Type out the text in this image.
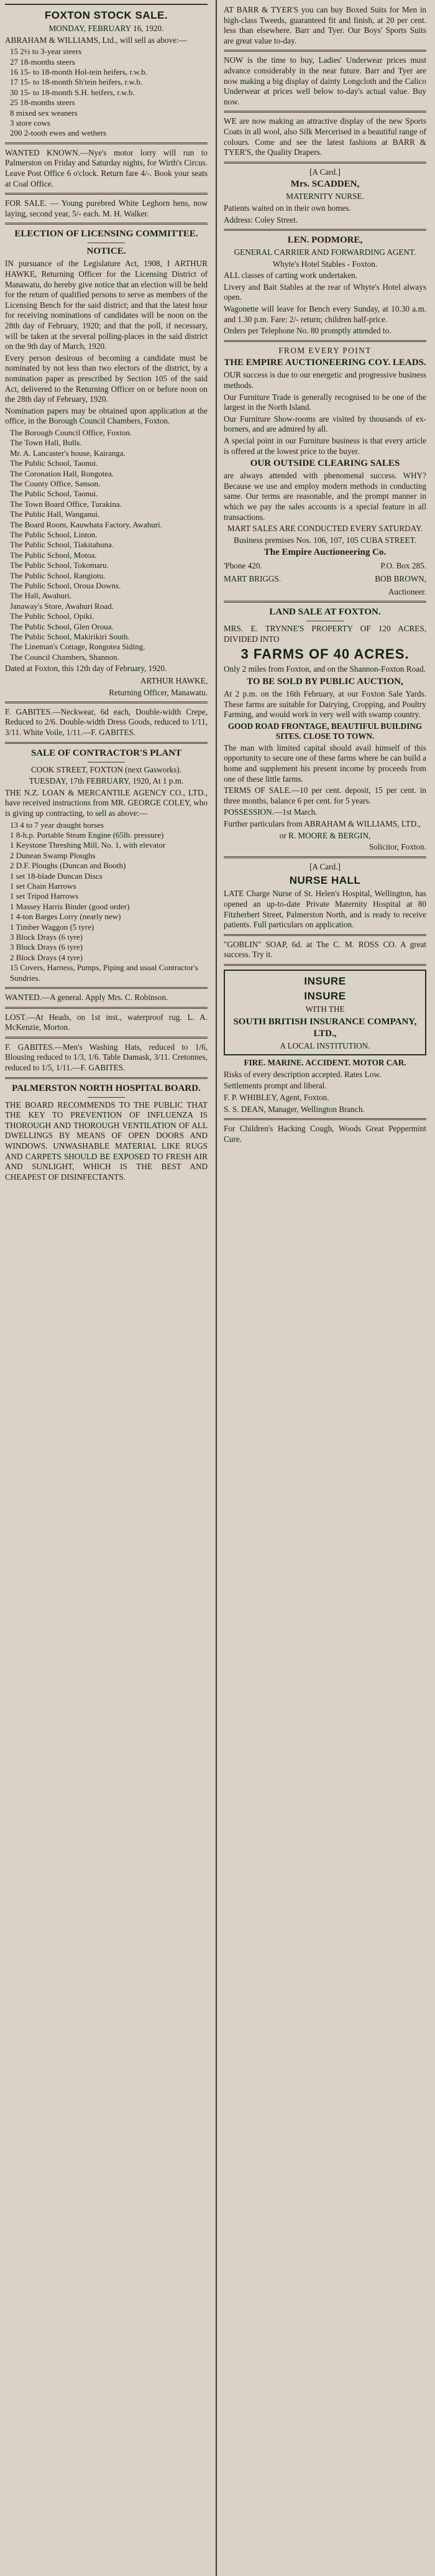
FOXTON STOCK SALE.

MONDAY, FEBRUARY 16, 1920.

ABRAHAM & WILLIAMS, Ltd., will sell as above:—

15 2½ to 3-year steers
27 18-months steers
16 15- to 18-month Hol-tein heifers, r.w.b.
17 15- to 18-month Sh'tein heifers, r.w.b.
30 15- to 18-month S.H. heifers, r.w.b.
25 18-months steers
8 mixed sex weaners
3 store cows
200 2-tooth ewes and wethers

WANTED KNOWN.—Nye's motor lorry will run to Palmerston on Friday and Saturday nights, for Wirth's Circus. Leave Post Office 6 o'clock. Return fare 4/-. Book your seats at Coal Office.

FOR SALE. — Young purebred White Leghorn hens, now laying, second year, 5/- each. M. H. Walker.

ELECTION OF LICENSING COMMITTEE.
NOTICE.

IN pursuance of the Legislature Act, 1908, I ARTHUR HAWKE, Returning Officer for the Licensing District of Manawatu, do hereby give notice that an election will be held for the return of qualified persons to serve as members of the Licensing Bench for the said district; and that the latest hour for receiving nominations of candidates will be noon on the 28th day of February, 1920; and that the poll, if necessary, will be taken at the several polling-places in the said district on the 9th day of March, 1920.

Every person desirous of becoming a candidate must be nominated by not less than two electors of the district, by a nomination paper as prescribed by Section 105 of the said Act, delivered to the Returning Officer on or before noon on the 28th day of February, 1920.

Nomination papers may be obtained upon application at the office, in the Borough Council Chambers, Foxton.

The Borough Council Office, Foxton.
The Town Hall, Bulls.
Mr. A. Lancaster's house, Kairanga.
The Public School, Taonui.
The Coronation Hall, Rongotea.
The County Office, Sanson.
The Public School, Taonui.
The Town Board Office, Turakina.
The Public Hall, Wanganui.
The Board Room, Kauwhata Factory, Awahuri.
The Public School, Linton.
The Public School, Tiakitahuna.
The Public School, Motoa.
The Public School, Tokomaru.
The Public School, Rangiotu.
The Public School, Oroua Downs.
The Hall, Awahuri.
Janaway's Store, Awahuri Road.
The Public School, Opiki.
The Public School, Glen Oroua.
The Public School, Makirikiri South.
The Lineman's Cottage, Rongotea Siding.
The Council Chambers, Shannon.

Dated at Foxton, this 12th day of February, 1920.

ARTHUR HAWKE,
Returning Officer, Manawatu.

F. GABITES.—Neckwear, 6d each, Double-width Crepe, Reduced to 2/6. Double-width Dress Goods, reduced to 1/11, 3/11. White Voile, 1/11.—F. GABITES.

SALE OF CONTRACTOR'S PLANT

COOK STREET, FOXTON (next Gasworks).

TUESDAY, 17th FEBRUARY, 1920, At 1 p.m.

THE N.Z. LOAN & MERCANTILE AGENCY CO., LTD., have received instructions from MR. GEORGE COLEY, who is giving up contracting, to sell as above:—

13 4 to 7 year draught horses
1 8-h.p. Portable Steam Engine (65lb. pressure)
1 Keystone Threshing Mill, No. 1, with elevator
2 Dunean Swamp Ploughs
2 D.F. Ploughs (Duncan and Booth)
1 set 18-blade Duncan Discs
1 set Chain Harrows
1 set Tripod Harrows
1 Massey Harris Binder (good order)
1 4-ton Barges Lorry (nearly new)
1 Timber Waggon (5 tyre)
3 Block Drays (6 tyre)
3 Block Drays (6 tyre)
2 Block Drays (4 tyre)
15 Covers, Harness, Pumps, Piping and usual Contractor's Sundries.

WANTED.—A general. Apply Mrs. C. Robinson.

LOST.—At Heads, on 1st inst., waterproof rug. L. A. McKenzie, Morton.

F. GABITES.—Men's Washing Hats, reduced to 1/6, Blousing reduced to 1/3, 1/6. Table Damask, 3/11. Cretonnes, reduced to 1/5, 1/11.—F. GABITES.

PALMERSTON NORTH HOSPITAL BOARD.

THE BOARD RECOMMENDS TO THE PUBLIC THAT THE KEY TO PREVENTION OF INFLUENZA IS THOROUGH AND THOROUGH VENTILATION OF ALL DWELLINGS BY MEANS OF OPEN DOORS AND WINDOWS. UNWASHABLE MATERIAL LIKE RUGS AND CARPETS SHOULD BE EXPOSED TO FRESH AIR AND SUNLIGHT, WHICH IS THE BEST AND CHEAPEST OF DISINFECTANTS.

AT BARR & TYER'S you can buy Boxed Suits for Men in high-class Tweeds, guaranteed fit and finish, at 20 per cent. less than elsewhere. Barr and Tyer. Our Boys' Sports Suits are great value to-day.

NOW is the time to buy, Ladies' Underwear prices must advance considerably in the near future. Barr and Tyer are now making a big display of dainty Longcloth and the Calico Underwear at prices well below to-day's actual value. Buy now.

WE are now making an attractive display of the new Sports Coats in all wool, also Silk Mercerised in a beautiful range of colours. Come and see the latest fashions at BARR & TYER'S, the Quality Drapers.

[A Card.]

Mrs. SCADDEN,

MATERNITY NURSE.

Patients waited on in their own homes.

Address: Coley Street.

LEN. PODMORE,

GENERAL CARRIER AND FORWARDING AGENT.

Whyte's Hotel Stables - Foxton.

ALL classes of carting work undertaken.

Livery and Bait Stables at the rear of Whyte's Hotel always open.

Wagonette will leave for Bench every Sunday, at 10.30 a.m. and 1.30 p.m. Fare: 2/- return; children half-price.

Orders per Telephone No. 80 promptly attended to.

FROM EVERY POINT

THE EMPIRE AUCTIONEERING COY. LEADS.

OUR success is due to our energetic and progressive business methods.

Our Furniture Trade is generally recognised to be one of the largest in the North Island.

Our Furniture Show-rooms are visited by thousands of ex-borners, and are admired by all.

A special point in our Furniture business is that every article is offered at the lowest price to the buyer.

OUR OUTSIDE CLEARING SALES

are always attended with phenomenal success. WHY? Because we use and employ modern methods in conducting same. Our terms are reasonable, and the prompt manner in which we pay the sales accounts is a special feature in all transactions.

MART SALES ARE CONDUCTED EVERY SATURDAY.

Business premises Nos. 106, 107, 105 CUBA STREET.

The Empire Auctioneering Co.

'Phone 420.	P.O. Box 285.

MART BRIGGS.	BOB BROWN,

Auctioneer.

LAND SALE AT FOXTON.

MRS. E. TRYNNE'S PROPERTY OF 120 ACRES, DIVIDED INTO

3 FARMS OF 40 ACRES.

Only 2 miles from Foxton, and on the Shannon-Foxton Road.

TO BE SOLD BY PUBLIC AUCTION,

At 2 p.m. on the 16th February, at our Foxton Sale Yards. These farms are suitable for Dairying, Cropping, and Poultry Farming, and would work in very well with swamp country.

GOOD ROAD FRONTAGE, BEAUTIFUL BUILDING SITES. CLOSE TO TOWN.

The man with limited capital should avail himself of this opportunity to secure one of these farms where he can build a home and supplement his present income by proceeds from one of these little farms.

TERMS OF SALE.—10 per cent. deposit, 15 per cent. in three months, balance 6 per cent. for 5 years.

POSSESSION.—1st March.

Further particulars from ABRAHAM & WILLIAMS, LTD.,

or R. MOORE & BERGIN,

Solicitor, Foxton.

[A Card.]

NURSE HALL

LATE Charge Nurse of St. Helen's Hospital, Wellington, has opened an up-to-date Private Maternity Hospital at 80 Fitzherbert Street, Palmerston North, and is ready to receive patients. Full particulars on application.

"GOBLIN" SOAP, 6d. at The C. M. ROSS CO. A great success. Try it.

INSURE
INSURE

WITH THE

SOUTH BRITISH INSURANCE COMPANY, LTD.,

A LOCAL INSTITUTION.

FIRE. MARINE. ACCIDENT. MOTOR CAR.

Risks of every description accepted. Rates Low.

Settlements prompt and liberal.

F. P. WHIBLEY, Agent, Foxton.

S. S. DEAN, Manager, Wellington Branch.

For Children's Hacking Cough, Woods Great Peppermint Cure.
